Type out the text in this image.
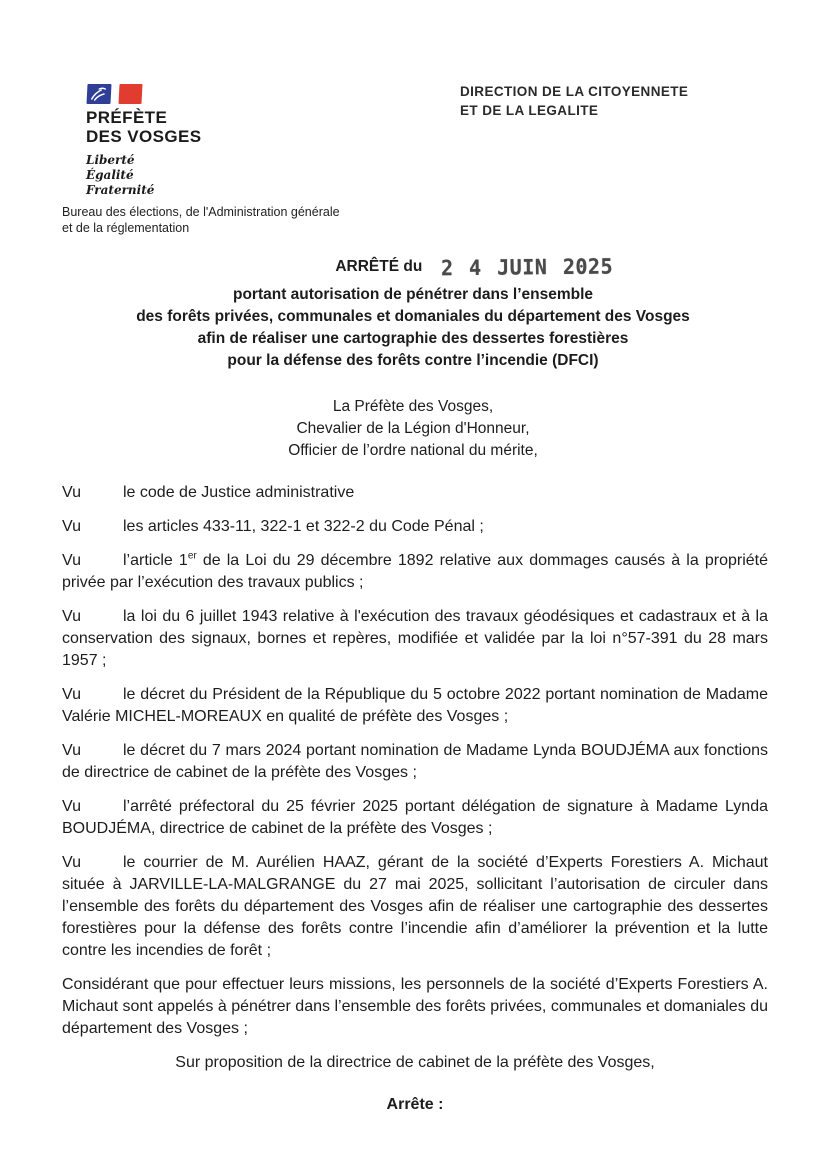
PRÉFÈTE
DES VOSGES
Liberté
Égalité
Fraternité
Bureau des élections, de l'Administration générale
et de la réglementation
DIRECTION DE LA CITOYENNETE
ET DE LA LEGALITE
ARRÊTÉ du 2 4 JUIN 2025
portant autorisation de pénétrer dans l’ensemble
des forêts privées, communales et domaniales du département des Vosges
afin de réaliser une cartographie des dessertes forestières
pour la défense des forêts contre l’incendie (DFCI)
La Préfète des Vosges,
Chevalier de la Légion d'Honneur,
Officier de l’ordre national du mérite,

Vu	le code de Justice administrative

Vu	les articles 433-11, 322-1 et 322-2 du Code Pénal ;

Vu	l’article 1er de la Loi du 29 décembre 1892 relative aux dommages causés à la propriété privée par l’exécution des travaux publics ;

Vu	la loi du 6 juillet 1943 relative à l'exécution des travaux géodésiques et cadastraux et à la conservation des signaux, bornes et repères, modifiée et validée par la loi n°57-391 du 28 mars 1957 ;

Vu	le décret du Président de la République du 5 octobre 2022 portant nomination de Madame Valérie MICHEL-MOREAUX en qualité de préfète des Vosges ;

Vu	le décret du 7 mars 2024 portant nomination de Madame Lynda BOUDJÉMA aux fonctions de directrice de cabinet de la préfète des Vosges ;

Vu	l’arrêté préfectoral du 25 février 2025 portant délégation de signature à Madame Lynda BOUDJÉMA, directrice de cabinet de la préfète des Vosges ;

Vu	le courrier de M. Aurélien HAAZ, gérant de la société d’Experts Forestiers A. Michaut située à JARVILLE-LA-MALGRANGE du 27 mai 2025, sollicitant l’autorisation de circuler dans l’ensemble des forêts du département des Vosges afin de réaliser une cartographie des dessertes forestières pour la défense des forêts contre l’incendie afin d’améliorer la prévention et la lutte contre les incendies de forêt ;

Considérant que pour effectuer leurs missions, les personnels de la société d’Experts Forestiers A. Michaut sont appelés à pénétrer dans l’ensemble des forêts privées, communales et domaniales du département des Vosges ;

Sur proposition de la directrice de cabinet de la préfète des Vosges,

Arrête :
